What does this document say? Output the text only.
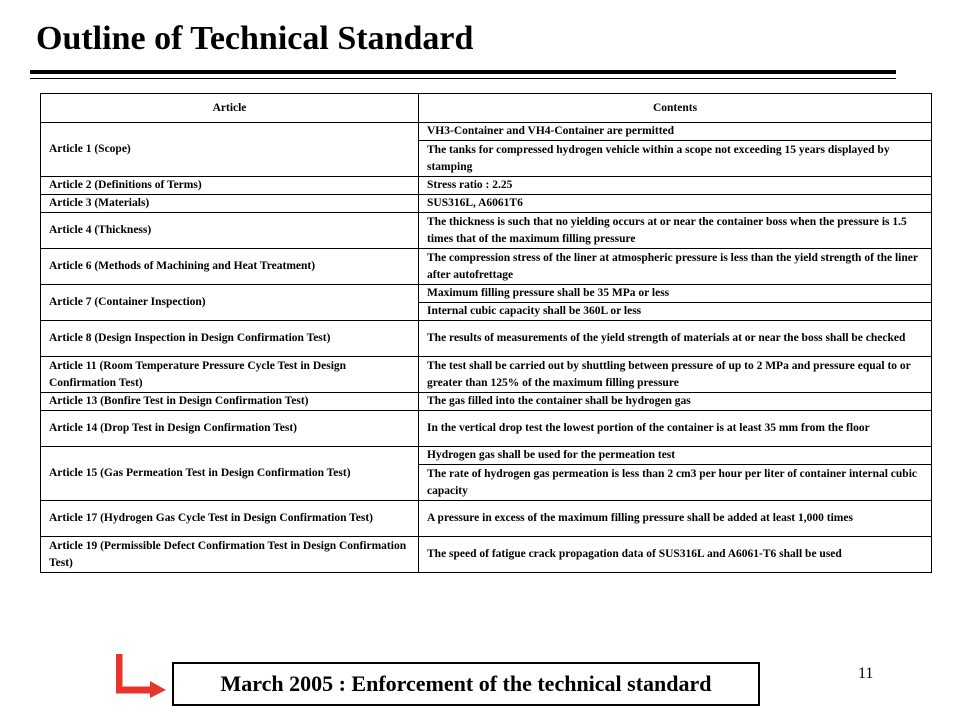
Outline of Technical Standard
Article	Contents
Article 1 (Scope)	VH3-Container and VH4-Container are permitted
	The tanks for compressed hydrogen vehicle within a scope not exceeding 15 years displayed by stamping
Article 2 (Definitions of Terms)	Stress ratio : 2.25
Article 3 (Materials)	SUS316L, A6061T6
Article 4 (Thickness)	The thickness is such that no yielding occurs at or near the container boss when the pressure is 1.5 times that of the maximum filling pressure
Article 6 (Methods of Machining and Heat Treatment)	The compression stress of the liner at atmospheric pressure is less than the yield strength of the liner after autofrettage
Article 7 (Container Inspection)	Maximum filling pressure shall be 35 MPa or less
	Internal cubic capacity shall be 360L or less
Article 8 (Design Inspection in Design Confirmation Test)	The results of measurements of the yield strength of materials at or near the boss shall be checked
Article 11 (Room Temperature Pressure Cycle Test in Design Confirmation Test)	The test shall be carried out by shuttling between pressure of up to 2 MPa and pressure equal to or greater than 125% of the maximum filling pressure
Article 13 (Bonfire Test in Design Confirmation Test)	The gas filled into the container shall be hydrogen gas
Article 14 (Drop Test in Design Confirmation Test)	In the vertical drop test the lowest portion of the container is at least 35 mm from the floor
Article 15 (Gas Permeation Test in Design Confirmation Test)	Hydrogen gas shall be used for the permeation test
	The rate of hydrogen gas permeation is less than 2 cm3 per hour per liter of container internal cubic capacity
Article 17 (Hydrogen Gas Cycle Test in Design Confirmation Test)	A pressure in excess of the maximum filling pressure shall be added at least 1,000 times
Article 19 (Permissible Defect Confirmation Test in Design Confirmation Test)	The speed of fatigue crack propagation data of SUS316L and A6061-T6 shall be used
March 2005 : Enforcement of the technical standard	11
